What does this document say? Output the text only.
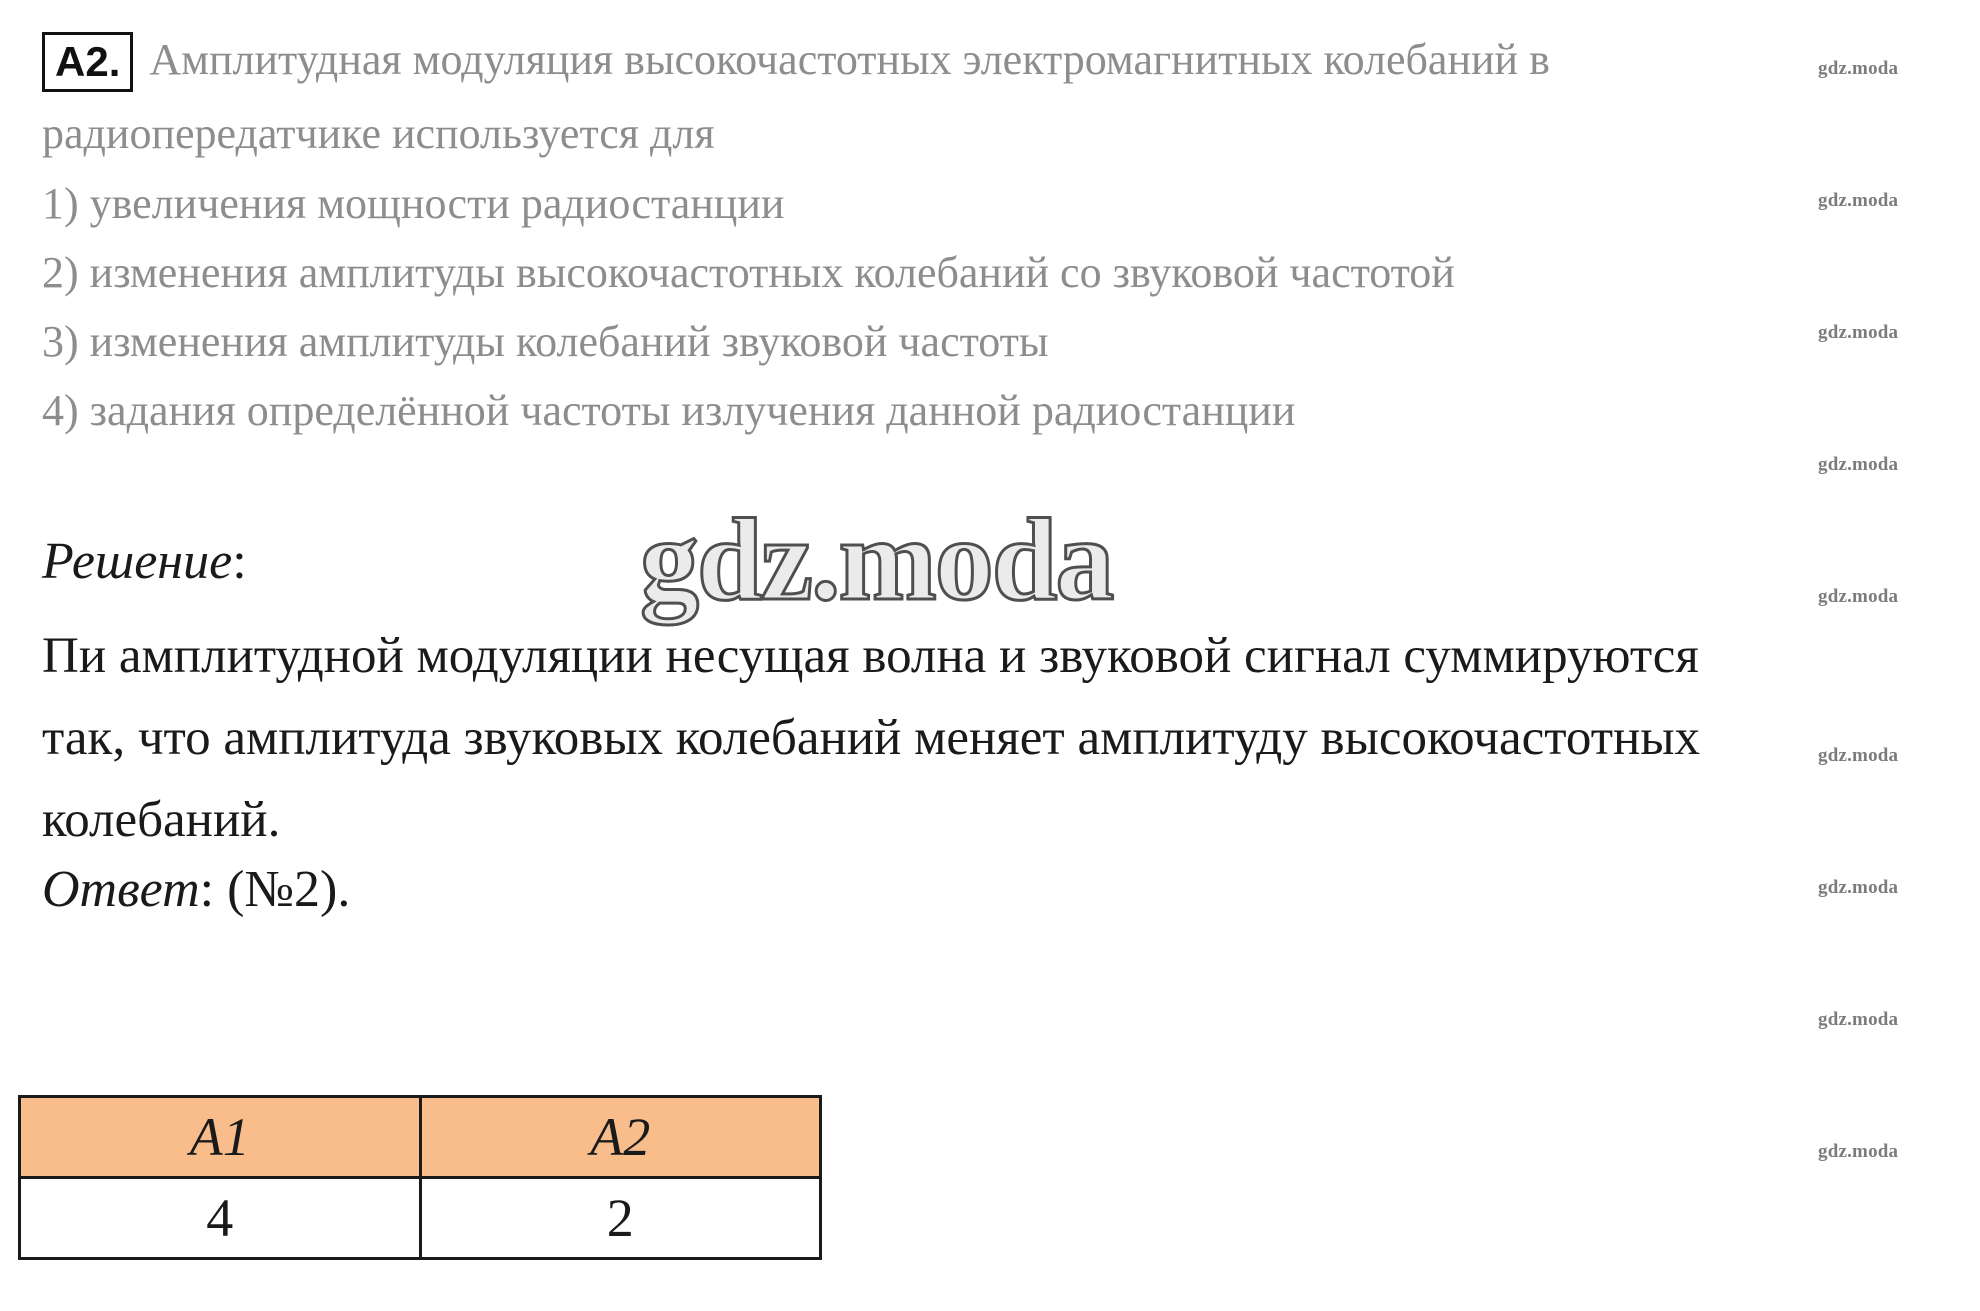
A2. Амплитудная модуляция высокочастотных электромагнитных колебаний в
радиопередатчике используется для
1) увеличения мощности радиостанции
2) изменения амплитуды высокочастотных колебаний со звуковой частотой
3) изменения амплитуды колебаний звуковой частоты
4) задания определённой частоты излучения данной радиостанции
Решение:
Пи амплитудной модуляции несущая волна и звуковой сигнал суммируются
так, что амплитуда звуковых колебаний меняет амплитуду высокочастотных
колебаний.
Ответ: (№2).
gdz.moda
gdz.moda
gdz.moda
gdz.moda
gdz.moda
gdz.moda
gdz.moda
gdz.moda
gdz.moda
gdz.moda
A1	A2
4	2
